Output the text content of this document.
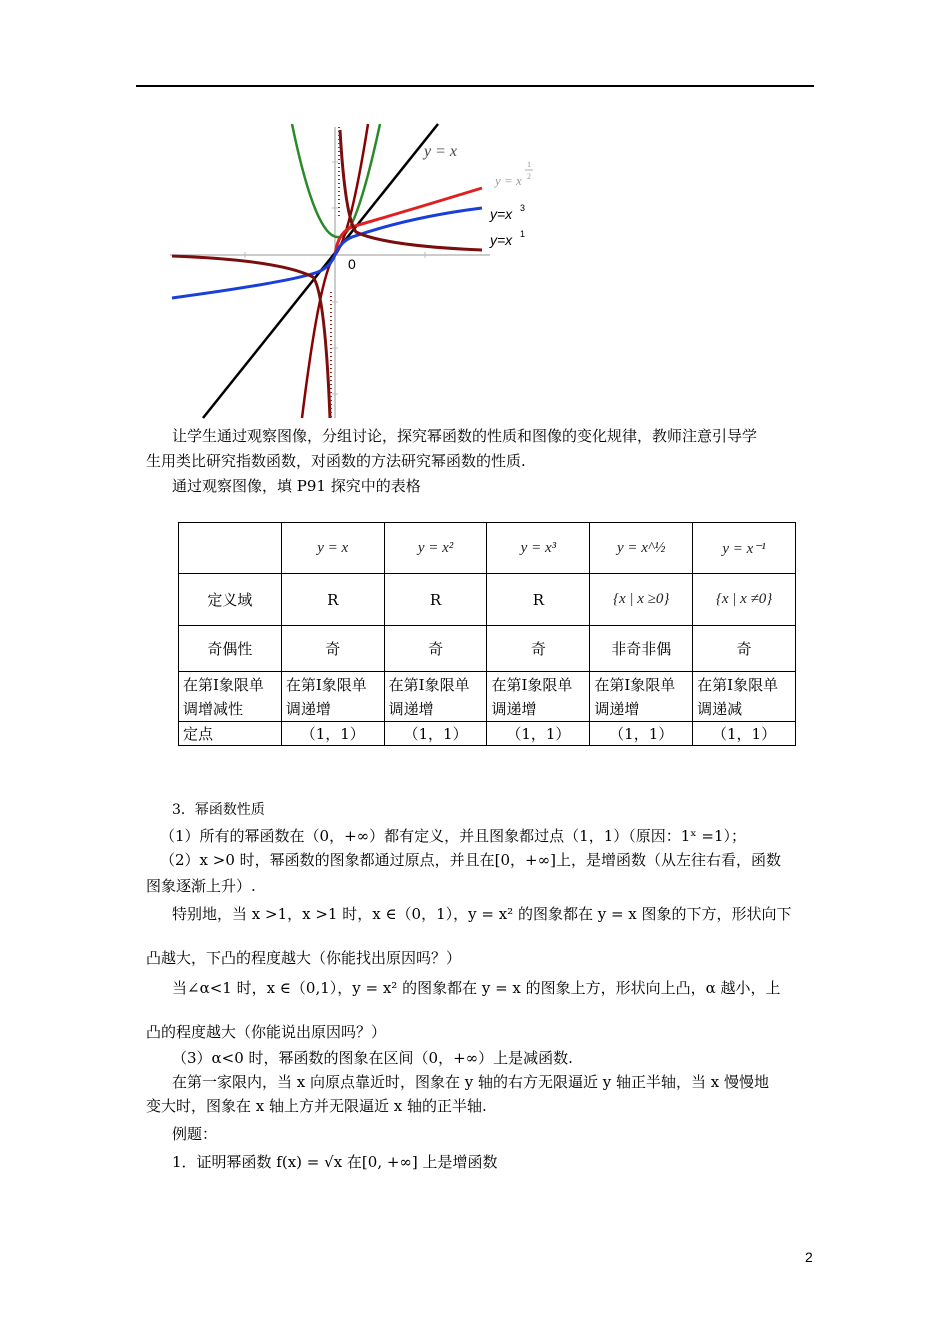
y = x
y = x
1
2
y=x 3
y=x 1
0
让学生通过观察图像，分组讨论，探究幂函数的性质和图像的变化规律，教师注意引导学
生用类比研究指数函数，对函数的方法研究幂函数的性质.
通过观察图像，填 P91 探究中的表格
	y = x	y = x²	y = x³	y = x^½	y = x⁻¹
定义域	R	R	R	{x | x ≥0}	{x | x ≠0}
奇偶性	奇	奇	奇	非奇非偶	奇
在第Ⅰ象限单调增减性	在第Ⅰ象限单调递增	在第Ⅰ象限单调递增	在第Ⅰ象限单调递增	在第Ⅰ象限单调递增	在第Ⅰ象限单调递减
定点	（1，1）	（1，1）	（1，1）	（1，1）	（1，1）
3．幂函数性质
（1）所有的幂函数在（0，+∞）都有定义，并且图象都过点（1，1）（原因：1ˣ =1）；
（2）x >0 时，幂函数的图象都通过原点，并且在[0，+∞]上，是增函数（从左往右看，函数
图象逐渐上升）.
特别地，当 x >1，x >1 时，x ∈（0，1），y = x² 的图象都在 y = x 图象的下方，形状向下
凸越大，下凸的程度越大（你能找出原因吗？）
当∠α<1 时，x ∈（0,1），y = x² 的图象都在 y = x 的图象上方，形状向上凸，α 越小，上
凸的程度越大（你能说出原因吗？）
（3）α<0 时，幂函数的图象在区间（0，+∞）上是减函数.
在第一家限内，当 x 向原点靠近时，图象在 y 轴的右方无限逼近 y 轴正半轴，当 x 慢慢地
变大时，图象在 x 轴上方并无限逼近 x 轴的正半轴.
例题：
1．证明幂函数 f(x) = √x 在[0, +∞] 上是增函数
2
